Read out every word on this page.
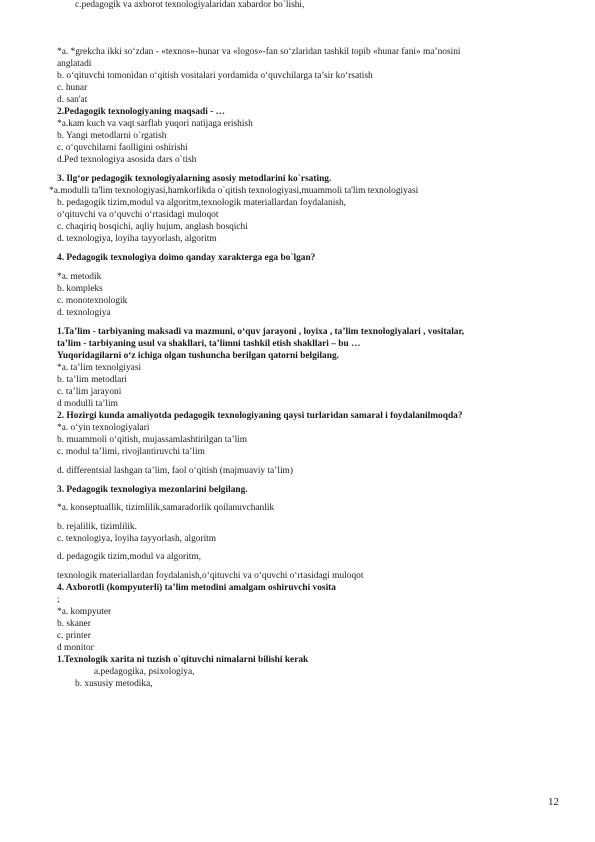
*a. *grekcha ikki so‘zdan - «texnos»-hunar va «logos»-fan so‘zlaridan tashkil topib «hunar fani» ma’nosini
anglatadi
b. o‘qituvchi tomonidan o‘qitish vositalari yordamida o‘quvchilarga ta’sir ko‘rsatish
c. hunar
d. san'at
2.Pedagogik texnologiyaning maqsadi - …
*a.kam kuch va vaqt sarflab yuqori natijaga erishish
b. Yangi metodlarni o`rgatish
c. o‘quvchilarni faolligini oshirishi
d.Ped texnologiya asosida dars o`tish
3. Ilg‘or pedagogik texnologiyalarning asosiy metodlarini ko`rsating.
*a.modulli ta'lim texnologiyasi,hamkorlikda o`qitish texnologiyasi,muammoli ta'lim texnologiyasi
b. pedagogik tizim,modul va algoritm,texnologik materiallardan foydalanish,
o‘qituvchi va o‘quvchi o‘rtasidagi muloqot
c. chaqiriq bosqichi, aqliy hujum, anglash bosqichi
d. texnologiya, loyiha tayyorlash, algoritm
4. Pedagogik texnologiya doimo qanday xarakterga ega bo`lgan?
*a. metodik
b. kompleks
c. monotexnologik
d. texnologiya
1.Ta’lim - tarbiyaning maksadi va mazmuni, o‘quv jarayoni , loyixa , ta’lim texnologiyalari , vositalar,
ta’lim - tarbiyaning usul va shakllari, ta’limni tashkil etish shakllari – bu …
Yuqoridagilarni o‘z ichiga olgan tushuncha berilgan qatorni belgilang.
*a. ta’lim texnolgiyasi
b. ta’lim metodlari
c. ta’lim jarayoni
d modulli ta’lim
2. Hozirgi kunda amaliyotda pedagogik texnologiyaning qaysi turlaridan samaral i foydalanilmoqda?
*a. o‘yin texnologiyalari
b. muammoli o‘qitish, mujassamlashtirilgan ta’lim
c. modul ta’limi, rivojlantiruvchi ta’lim
d. differentsial lashgan ta’lim, faol o‘qitish (majmuaviy ta’lim)
3. Pedagogik texnologiya mezonlarini belgilang.
*a. konseptuallik, tizimlilik,samaradorlik qoilanuvchanlik
b. rejalilik, tizimlilik.
c. texnologiya, loyiha tayyorlash, algoritm
d. pedagogik tizim,modul va algoritm,
texnologik materiallardan foydalanish,o‘qituvchi va o‘quvchi o‘rtasidagi muloqot
4. Axborotli (kompyuterli) ta’lim metodini amalgam oshiruvchi vosita
;
*a. kompyuter
b. skaner
c. printer
d monitor
1.Texnologik xarita ni tuzish o`qituvchi nimalarni bilishi kerak
a.pedagogika, psixologiya,
b. xususiy metodika,
c.pedagogik va axborot texnologiyalaridan xabardor bo`lishi,
12
